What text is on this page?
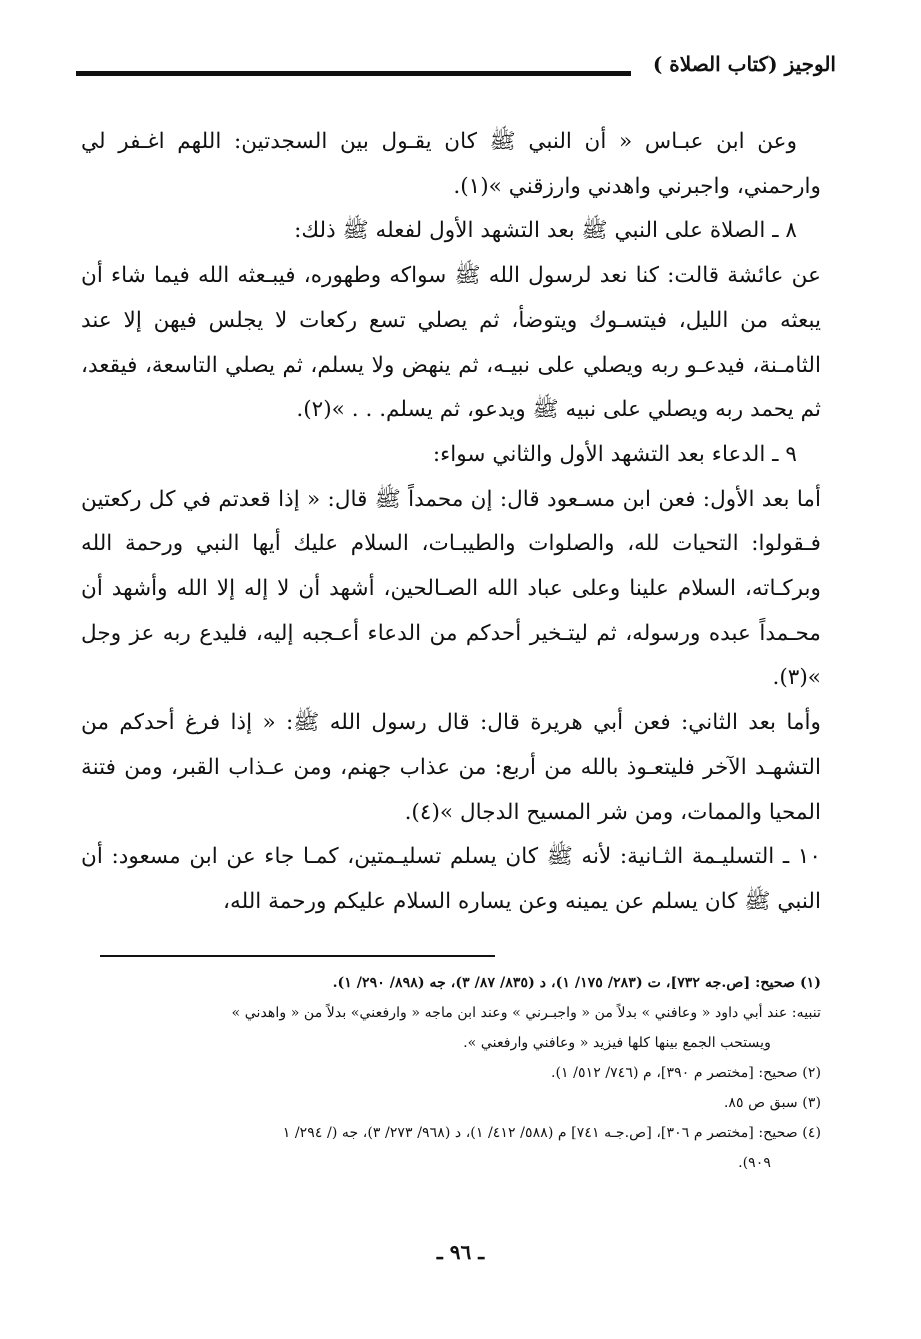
الوجيز (كتاب الصلاة )

وعن ابن عبـاس « أن النبي ﷺ كان يقـول بين السجدتين: اللهم اغـفر لي وارحمني، واجبرني واهدني وارزقني »(١).

٨ ـ الصلاة على النبي ﷺ بعد التشهد الأول لفعله ﷺ ذلك:

عن عائشة قالت: كنا نعد لرسول الله ﷺ سواكه وطهوره، فيبـعثه الله فيما شاء أن يبعثه من الليل، فيتسـوك ويتوضأ، ثم يصلي تسع ركعات لا يجلس فيهن إلا عند الثامـنة، فيدعـو ربه ويصلي على نبيـه، ثم ينهض ولا يسلم، ثم يصلي التاسعة، فيقعد، ثم يحمد ربه ويصلي على نبيه ﷺ ويدعو، ثم يسلم. . . »(٢).

٩ ـ الدعاء بعد التشهد الأول والثاني سواء:

أما بعد الأول: فعن ابن مسـعود قال: إن محمداً ﷺ قال: « إذا قعدتم في كل ركعتين فـقولوا: التحيات لله، والصلوات والطيبـات، السلام عليك أيها النبي ورحمة الله وبركـاته، السلام علينا وعلى عباد الله الصـالحين، أشهد أن لا إله إلا الله وأشهد أن محـمداً عبده ورسوله، ثم ليتـخير أحدكم من الدعاء أعـجبه إليه، فليدع ربه عز وجل »(٣).

وأما بعد الثاني: فعن أبي هريرة قال: قال رسول الله ﷺ: « إذا فرغ أحدكم من التشهـد الآخر فليتعـوذ بالله من أربع: من عذاب جهنم، ومن عـذاب القبر، ومن فتنة المحيا والممات، ومن شر المسيح الدجال »(٤).

١٠ ـ التسليـمة الثـانية: لأنه ﷺ كان يسلم تسليـمتين، كمـا جاء عن ابن مسعود: أن النبي ﷺ كان يسلم عن يمينه وعن يساره السلام عليكم ورحمة الله،

(١) صحيح: [ص.جه ٧٣٢]، ت (٢٨٣/ ١٧٥/ ١)، د (٨٣٥/ ٨٧/ ٣)، جه (٨٩٨/ ٢٩٠/ ١).

تنبيه: عند أبي داود « وعافني » بدلاً من « واجبـرني » وعند ابن ماجه « وارفعني» بدلاً من « واهدني »

ويستحب الجمع بينها كلها فيزيد « وعافني وارفعني ».

(٢) صحيح: [مختصر م ٣٩٠]، م (٧٤٦/ ٥١٢/ ١).

(٣) سبق ص ٨٥.

(٤) صحيح: [مختصر م ٣٠٦]، [ص.جـه ٧٤١] م (٥٨٨/ ٤١٢/ ١)، د (٩٦٨/ ٢٧٣/ ٣)، جه (/ ٢٩٤/ ١

٩٠٩).

ـ ٩٦ ـ
